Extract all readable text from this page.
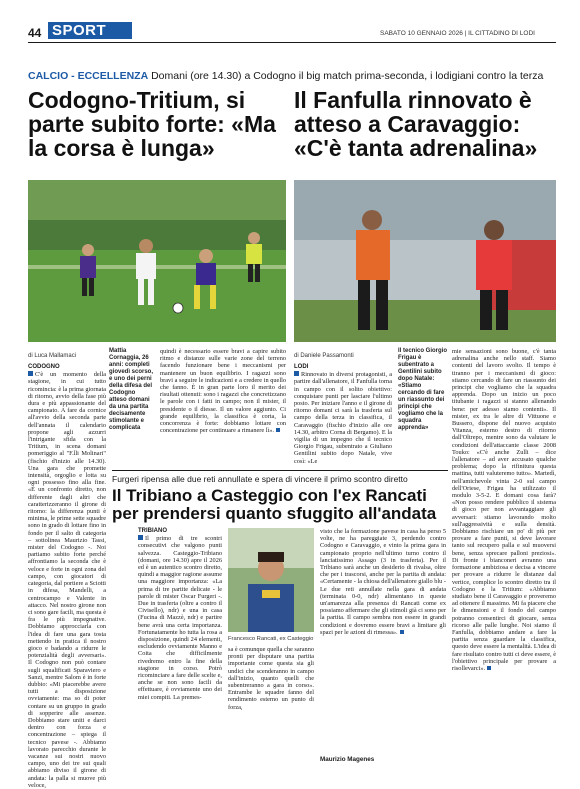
44 SPORT	SABATO 10 GENNAIO 2026 | IL CITTADINO DI LODI
CALCIO - ECCELLENZA Domani (ore 14.30) a Codogno il big match prima-seconda, i lodigiani contro la terza
Codogno-Tritium, si parte subito forte: «Ma la corsa è lunga»
Il Fanfulla rinnovato è atteso a Caravaggio: «C'è tanta adrenalina»
di Luca Mallamaci
Mattia Cornaggia, 26 anni: completi giovedì scorso, e uno dei perni della difesa del Codogno atteso domani da una partita decisamente stimolante e complicata
CODOGNO
C'è un momento della stagione, in cui tutto ricomincia: è la prima giornata di ritorno, avvio della fase più dura e più appassionante del campionato. A fare da cornice all'avvio della seconda parte dell'annata il calendario propone agli azzurri l'intrigante sfida con la Tritium, in scena domani pomeriggio al "F.lli Molinari" (fischio d'inizio alle 14.30). Una gara che promette intensità, orgoglio e lotta su ogni possesso fino alla fine. «È un confronto diretto, non differente dagli altri che caratterizzeranno il girone di ritorno: la differenza punti è minima, le prime sette squadre sono in grado di lottare fino in fondo per il salto di categoria – sottolinea Maurizio Tassi, mister del Codogno -. Noi partiamo subito forte perché affrontiamo la seconda che è veloce e forte in ogni zona del campo, con giocatori di categoria, dal portiere a Sciotti in difesa, Mandelli, a centrocampo e Valente in attacco. Nel nostro girone non ci sono gare facili, ma questa è fra le più impegnative. Dobbiamo approcciarla con l'idea di fare una gara tosta mettendo in pratica il nostro gioco e badando a ridurre le potenzialità degli avversari». Il Codogno non può contare sugli squalificati Sparaviero e Sanzi, mentre Salom è in forte dubbio: «Mi piacerebbe avere tutti a disposizione ovviamente: ma so di poter contare su un gruppo in grado di sopperire alle assenze. Dobbiamo stare uniti e darci dentro con forza e concentrazione – spiega il tecnico pavese -. Abbiamo lavorato parecchio durante le vacanze sui nostri nuovo campo, uno dei tre sui quali abbiamo diviso il girone di andata: la palla si muove più veloce,
quindi è necessario essere bravi a capire subito ritmo e distanze sulle varie zone del terreno facendo funzionare bene i meccanismi per mantenere un buon equilibrio. I ragazzi sono bravi a seguire le indicazioni e a credere in quello che fanno. È in gran parte loro il merito dei risultati ottenuti: sono i ragazzi che concretizzano le parole con i fatti in campo; non il mister, il presidente o il diesse. Il un valore aggiunto. Ci grande equilibrio, la classifica è corta, la concorrenza è forte: dobbiamo lottare con concentrazione per continuare a rimanere lì».
di Daniele Passamonti
LODI
Rinnovato in diversi protagonisti, a partire dall'allenatore, il Fanfulla torna in campo con il solito obiettivo: conquistare punti per lasciare l'ultimo posto. Per iniziare l'anno e il girone di ritorno domani ci sarà la trasferta sul campo della terza in classifica, il Caravaggio (fischio d'inizio alle ore 14.30, arbitro Corna di Bergamo). E la vigilia di un impegno che il tecnico Giorgio Frigau, subentrato a Giuliano Gentilini subito dopo Natale, vive così: «Le
Il tecnico Giorgio Frigau è subentrato a Gentilini subito dopo Natale: «Stiamo cercando di fare un riassunto dei principi che vogliamo che la squadra apprenda»
mie sensazioni sono buone, c'è tanta adrenalina anche nello staff. Siamo contenti del lavoro svolto. Il tempo è tiranno per i meccanismi di gioco: stiamo cercando di fare un riassunto dei principi che vogliamo che la squadra apprenda. Dopo un inizio un poco titubante i ragazzi si stanno allenando bene: per adesso siamo contenti». Il mister, ex tra le altre di Vittuone e Bussero, dispone del nuovo acquisto Vitanza, esterno destro di ritorno dall'Oltrepo, mentre sono da valutare le condizioni dell'attaccante classe 2008 Touko: «C'è anche Zulli – dice l'allenatore – ad aver accusato qualche problema; dopo la rifinitura questa mattina, tutti valuteremo tutto». Martedì, nell'amichevole vinta 2-0 sul campo dell'Oriese, Frigau ha utilizzato il modulo 3-5-2. E domani cosa farà? «Non posso rendere pubblico il sistema di gioco per non avvantaggiare gli avversari: stiamo lavorando molto sull'aggressività e sulla densità. Dobbiamo rischiare un po' di più per provare a fare punti, si deve lavorare tanto sul recupero palla e sul muoversi bene, senza sprecare palloni preziosi». Di fronte i bianconeri avranno una formazione ambiziosa e decisa a vincere per provare a ridurre le distanze dal vertice, complice lo scontro diretto tra il Codogno e la Tritium: «Abbiamo studiato bene il Caravaggio e proveremo ad ottenere il massimo. Mi fa piacere che le dimensioni e il fondo del campo potranno consentirci di giocare, senza ricorso alle palle lunghe. Noi siamo il Fanfulla, dobbiamo andare a fare la partita senza guardare la classifica, questo deve essere la mentalità. L'idea di fare risultato contro tutti ci deve essere, è l'obiettivo principale per provare a risollevarci».
Furgeri ripensa alle due reti annullate e spera di vincere il primo scontro diretto
Il Tribiano a Casteggio con l'ex Rancati per prendersi quanto sfuggito all'andata
TRIBIANO
Il primo di tre scontri consecutivi che valgono punti salvezza. Casteggio-Tribiano (domani, ore 14.30) apre il 2026 ed è un autentico scontro diretto, quindi a maggior ragione assume una maggiore importanza: «La prima di tre partite delicate - le parole di mister Oscar Furgeri -. Due in trasferta (oltre a contro il Civisello), ndr) e una in casa (Fucina di Mazzè, ndr) e partire bene avrà una certa importanza. Fortunatamente ho tutta la rosa a disposizione, quindi 24 elementi, escludendo ovviamente Manno e Coita che difficilmente rivedremo entro la fine della stagione in corso. Potrò ricominciare a fare delle scelte e, anche se non sono facili da effettuare, è ovviamente uno dei miei compiti. La premes-
Francesco Rancati, ex Casteggio
sa è comunque quella che saranno pronti per disputare una partita importante come questa sia gli undici che scenderanno in campo dall'inizio, quanto quelli che subentreranno a gara in corso». Entrambe le squadre fanno del rendimento esterno un punto di forza,
visto che la formazione pavese in casa ha perso 5 volte, ne ha pareggiate 3, perdendo contro Codogno e Caravaggio, e vinto la prima gara in campionato proprio nell'ultimo turno contro il lanciatissimo Assago (3 in trasferta). Per il Tribiano sarà anche un desiderio di rivalsa, oltre che per i trascorsi, anche per la partita di andata: «Certamente - la chiosa dell'allenatore giallo blu - Le due reti annullate nella gara di andata (terminata 0-0, ndr) alimentano in queste un'amarezza alla presenza di Rancati come ex possiamo affermare che gli stimoli già ci sono per la partita. Il campo sembra non essere in grandi condizioni e dovremo essere bravi a limitare gli spazi per le azioni di rimessa».
Maurizio Magenes
